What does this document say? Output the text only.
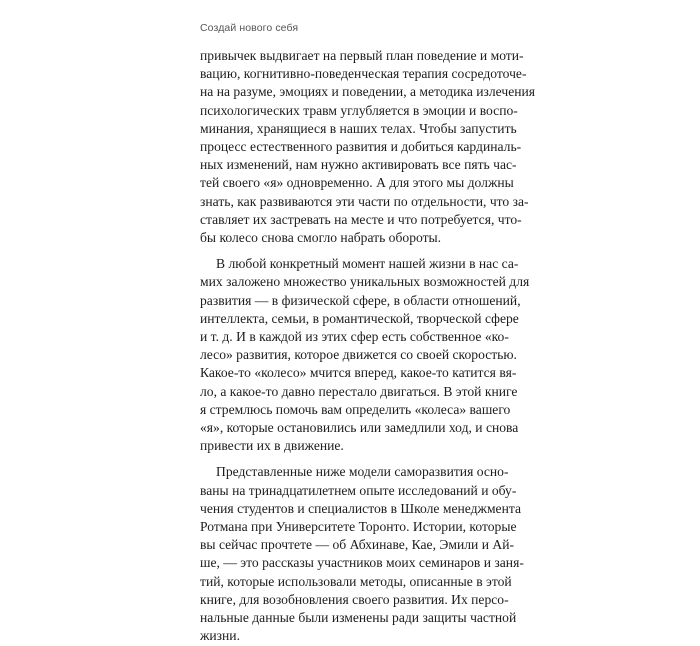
Создай нового себя

привычек выдвигает на первый план поведение и моти-
вацию, когнитивно-поведенческая терапия сосредоточе-
на на разуме, эмоциях и поведении, а методика излечения
психологических травм углубляется в эмоции и воспо-
минания, хранящиеся в наших телах. Чтобы запустить
процесс естественного развития и добиться кардиналь-
ных изменений, нам нужно активировать все пять час-
тей своего «я» одновременно. А для этого мы должны
знать, как развиваются эти части по отдельности, что за-
ставляет их застревать на месте и что потребуется, что-
бы колесо снова смогло набрать обороты.

В любой конкретный момент нашей жизни в нас са-
мих заложено множество уникальных возможностей для
развития — в физической сфере, в области отношений,
интеллекта, семьи, в романтической, творческой сфере
и т. д. И в каждой из этих сфер есть собственное «ко-
лесо» развития, которое движется со своей скоростью.
Какое-то «колесо» мчится вперед, какое-то катится вя-
ло, а какое-то давно перестало двигаться. В этой книге
я стремлюсь помочь вам определить «колеса» вашего
«я», которые остановились или замедлили ход, и снова
привести их в движение.

Представленные ниже модели саморазвития осно-
ваны на тринадцатилетнем опыте исследований и обу-
чения студентов и специалистов в Школе менеджмента
Ротмана при Университете Торонто. Истории, которые
вы сейчас прочтете — об Абхинаве, Кае, Эмили и Ай-
ше, — это рассказы участников моих семинаров и заня-
тий, которые использовали методы, описанные в этой
книге, для возобновления своего развития. Их персо-
нальные данные были изменены ради защиты частной
жизни.
